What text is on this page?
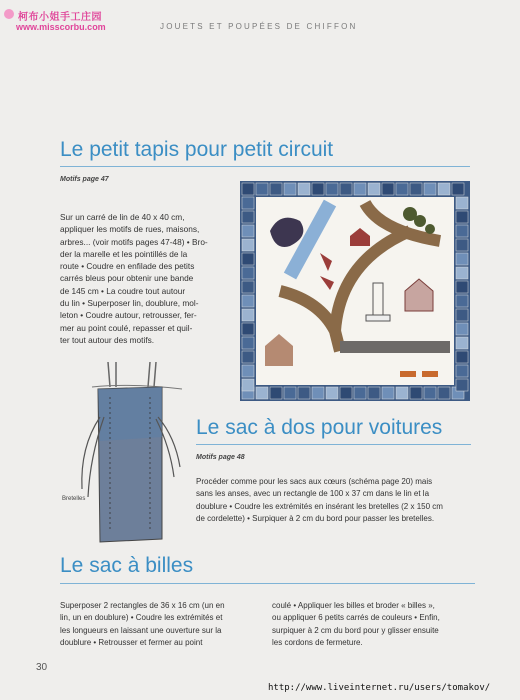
柯布小姐手工庄园
www.misscorbu.com	JOUETS ET POUPÉES DE CHIFFON
Le petit tapis pour petit circuit
Motifs page 47

Sur un carré de lin de 40 x 40 cm,

appliquer les motifs de rues, maisons,

arbres... (voir motifs pages 47-48) • Bro-

der la marelle et les pointillés de la

route • Coudre en enfilade des petits

carrés bleus pour obtenir une bande

de 145 cm • La coudre tout autour

du lin • Superposer lin, doublure, mol-

leton • Coudre autour, retrousser, fer-

mer au point coulé, repasser et quil-

ter tout autour des motifs.

Le sac à dos pour voitures
Motifs page 48

Procéder comme pour les sacs aux cœurs (schéma page 20) mais

sans les anses, avec un rectangle de 100 x 37 cm dans le lin et la

doublure • Coudre les extrémités en insérant les bretelles (2 x 150 cm

de cordelette) • Surpiquer à 2 cm du bord pour passer les bretelles.

Bretelles
Le sac à billes

Superposer 2 rectangles de 36 x 16 cm (un en

lin, un en doublure) • Coudre les extrémités et

les longueurs en laissant une ouverture sur la

doublure • Retrousser et fermer au point

coulé • Appliquer les billes et broder « billes »,

ou appliquer 6 petits carrés de couleurs • Enfin,

surpiquer à 2 cm du bord pour y glisser ensuite

les cordons de fermeture.

30
http://www.liveinternet.ru/users/tomakov/
